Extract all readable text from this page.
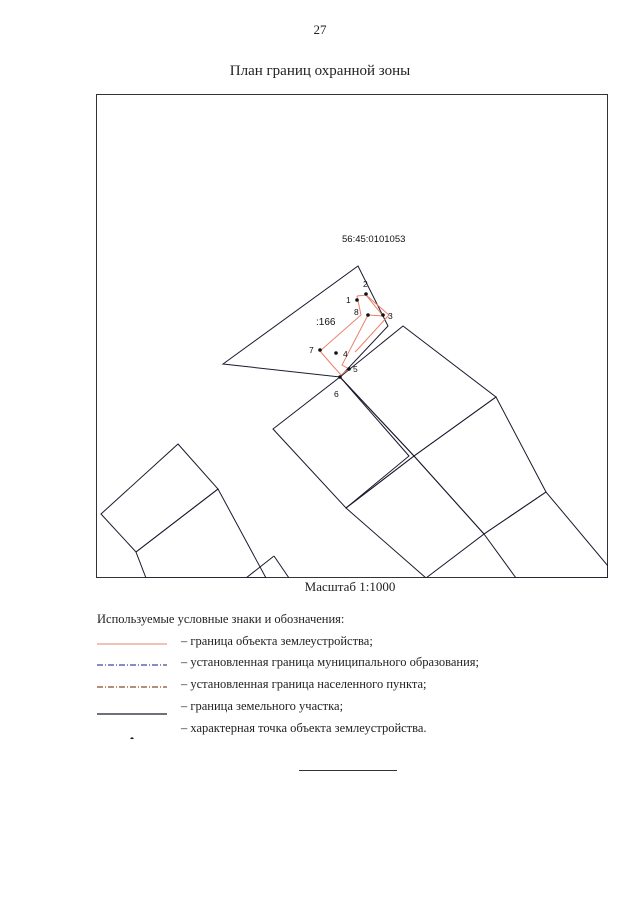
27
План границ охранной зоны
1
2
3
4
5
6
7
8
56:45:0101053
:166
Масштаб 1:1000
Используемые условные знаки и обозначения:
– граница объекта землеустройства;
– установленная граница муниципального образования;
– установленная граница населенного пункта;
– граница земельного участка;
– характерная точка объекта землеустройства.
